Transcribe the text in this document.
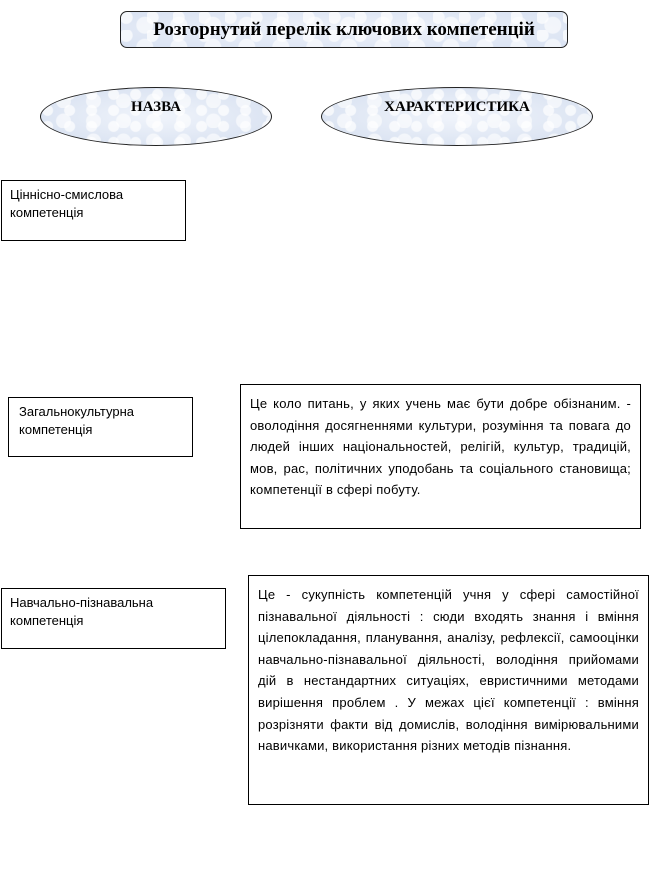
Розгорнутий перелік ключових компетенцій
НАЗВА	ХАРАКТЕРИСТИКА
Ціннісно-смислова компетенція
Загальнокультурна компетенція
Це коло питань, у яких учень має бути добре обізнаним. - оволодіння досягненнями культури, розуміння та повага до людей інших національностей, релігій, культур, традицій, мов, рас, політичних уподобань та соціального становища; компетенції в сфері побуту.
Навчально-пізнавальна компетенція
Це - сукупність компетенцій учня у сфері самостійної пізнавальної діяльності : сюди входять знання і вміння цілепокладання, планування, аналізу, рефлексії, самооцінки навчально-пізнавальної діяльності, володіння прийомами дій в нестандартних ситуаціях, евристичними методами вирішення проблем . У межах цієї компетенції : вміння розрізняти факти від домислів, володіння вимірювальними навичками, використання різних методів пізнання.
